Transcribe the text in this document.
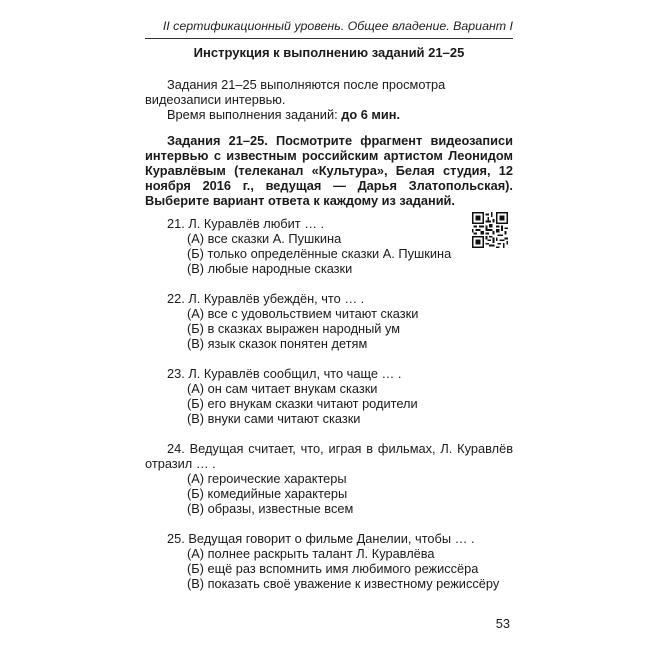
II сертификационный уровень. Общее владение. Вариант I
Инструкция к выполнению заданий 21–25

Задания 21–25 выполняются после просмотра видеозаписи интервью.

Время выполнения заданий: до 6 мин.

Задания 21–25. Посмотрите фрагмент видеозаписи интервью с известным российским артистом Леонидом Куравлёвым (телеканал «Культура», Белая студия, 12 ноября 2016 г., ведущая — Дарья Златопольская). Выберите вариант ответа к каждому из заданий.
21. Л. Куравлёв любит … .
(А) все сказки А. Пушкина
(Б) только определённые сказки А. Пушкина
(В) любые народные сказки
22. Л. Куравлёв убеждён, что … .
(А) все с удовольствием читают сказки
(Б) в сказках выражен народный ум
(В) язык сказок понятен детям
23. Л. Куравлёв сообщил, что чаще … .
(А) он сам читает внукам сказки
(Б) его внукам сказки читают родители
(В) внуки сами читают сказки
24. Ведущая считает, что, играя в фильмах, Л. Куравлёв отразил … .
(А) героические характеры
(Б) комедийные характеры
(В) образы, известные всем
25. Ведущая говорит о фильме Данелии, чтобы … .
(А) полнее раскрыть талант Л. Куравлёва
(Б) ещё раз вспомнить имя любимого режиссёра
(В) показать своё уважение к известному режиссёру
53
